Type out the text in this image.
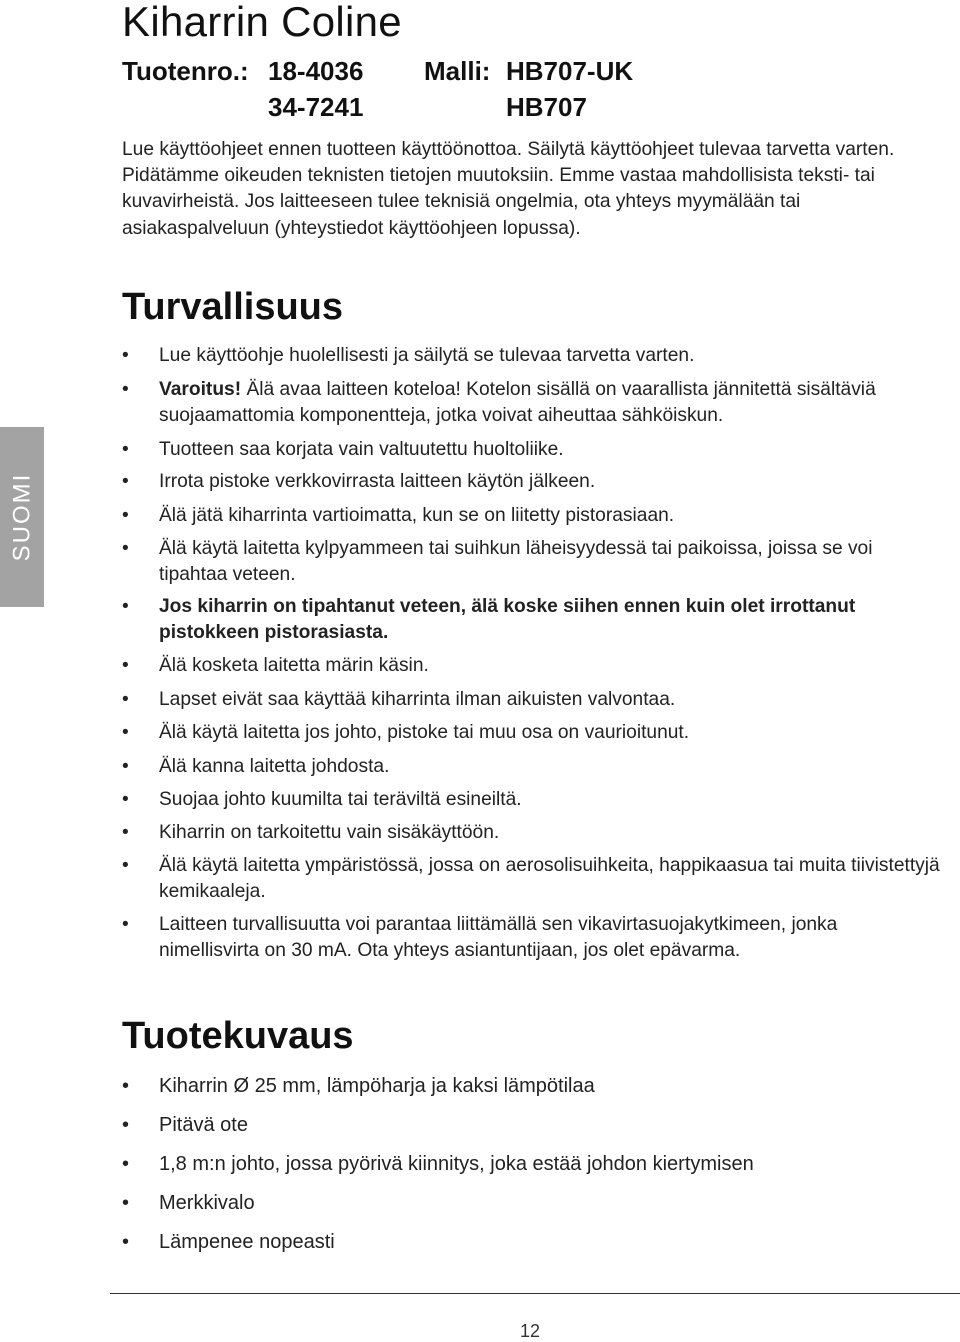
Kiharrin Coline
Tuotenro.: 18-4036 Malli: HB707-UK
34-7241	HB707

Lue käyttöohjeet ennen tuotteen käyttöönottoa. Säilytä käyttöohjeet tulevaa tarvetta varten. Pidätämme oikeuden teknisten tietojen muutoksiin. Emme vastaa mahdollisista teksti- tai kuvavirheistä. Jos laitteeseen tulee teknisiä ongelmia, ota yhteys myymälään tai asiakaspalveluun (yhteystiedot käyttöohjeen lopussa).

SUOMI
Turvallisuus
• Lue käyttöohje huolellisesti ja säilytä se tulevaa tarvetta varten.
• Varoitus! Älä avaa laitteen koteloa! Kotelon sisällä on vaarallista jännitettä sisältäviä suojaamattomia komponentteja, jotka voivat aiheuttaa sähköiskun.
• Tuotteen saa korjata vain valtuutettu huoltoliike.
• Irrota pistoke verkkovirrasta laitteen käytön jälkeen.
• Älä jätä kiharrinta vartioimatta, kun se on liitetty pistorasiaan.
• Älä käytä laitetta kylpyammeen tai suihkun läheisyydessä tai paikoissa, joissa se voi tipahtaa veteen.
• Jos kiharrin on tipahtanut veteen, älä koske siihen ennen kuin olet irrottanut pistokkeen pistorasiasta.
• Älä kosketa laitetta märin käsin.
• Lapset eivät saa käyttää kiharrinta ilman aikuisten valvontaa.
• Älä käytä laitetta jos johto, pistoke tai muu osa on vaurioitunut.
• Älä kanna laitetta johdosta.
• Suojaa johto kuumilta tai teräviltä esineiltä.
• Kiharrin on tarkoitettu vain sisäkäyttöön.
• Älä käytä laitetta ympäristössä, jossa on aerosolisuihkeita, happikaasua tai muita tiivistettyjä kemikaaleja.
• Laitteen turvallisuutta voi parantaa liittämällä sen vikavirtasuojakytkimeen, jonka nimellisvirta on 30 mA. Ota yhteys asiantuntijaan, jos olet epävarma.
Tuotekuvaus
• Kiharrin Ø 25 mm, lämpöharja ja kaksi lämpötilaa
• Pitävä ote
• 1,8 m:n johto, jossa pyörivä kiinnitys, joka estää johdon kiertymisen
• Merkkivalo
• Lämpenee nopeasti
12
